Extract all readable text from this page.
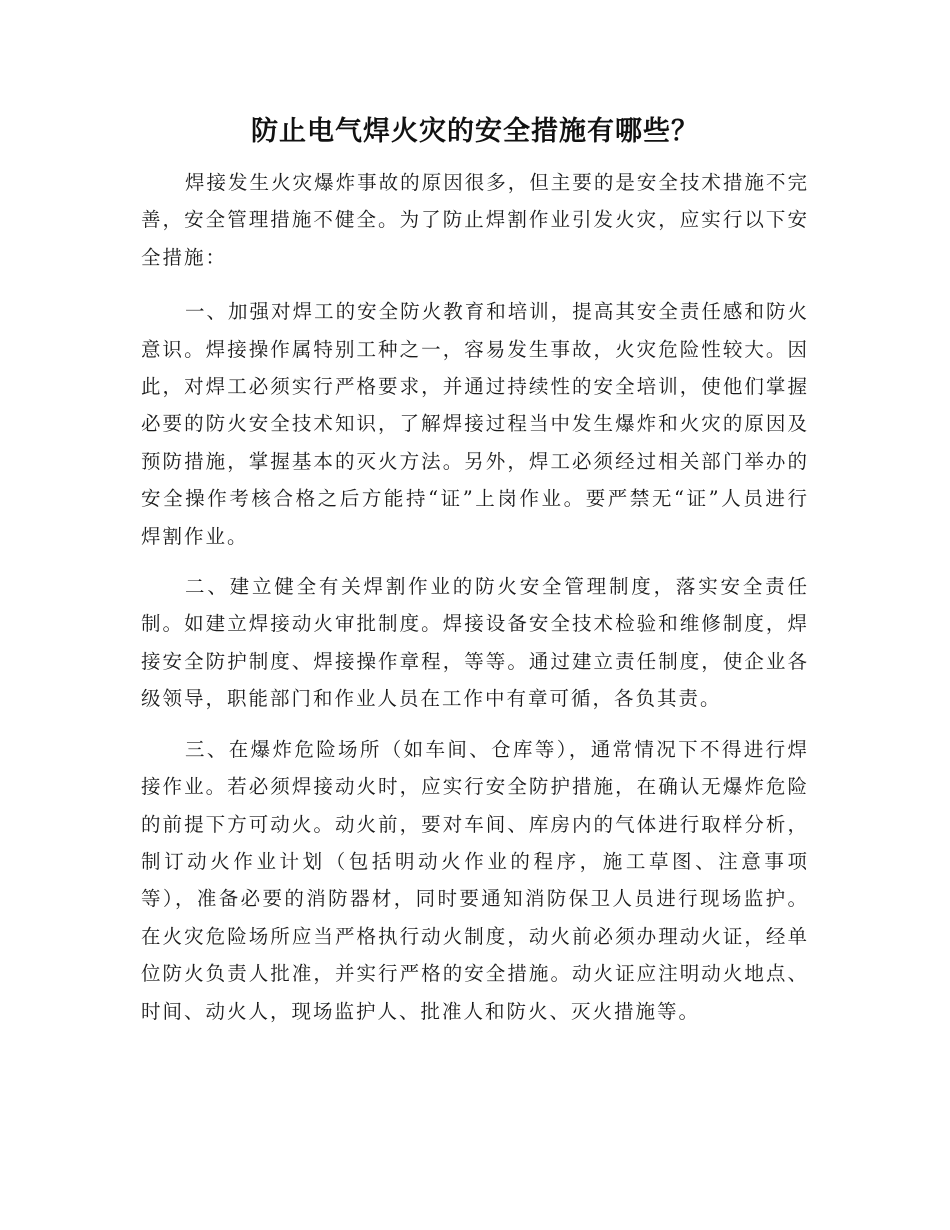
防止电气焊火灾的安全措施有哪些？

焊接发生火灾爆炸事故的原因很多，但主要的是安全技术措施不完善，安全管理措施不健全。为了防止焊割作业引发火灾，应实行以下安全措施：

一、加强对焊工的安全防火教育和培训，提高其安全责任感和防火意识。焊接操作属特别工种之一，容易发生事故，火灾危险性较大。因此，对焊工必须实行严格要求，并通过持续性的安全培训，使他们掌握必要的防火安全技术知识，了解焊接过程当中发生爆炸和火灾的原因及预防措施，掌握基本的灭火方法。另外，焊工必须经过相关部门举办的安全操作考核合格之后方能持“证”上岗作业。要严禁无“证”人员进行焊割作业。

二、建立健全有关焊割作业的防火安全管理制度，落实安全责任制。如建立焊接动火审批制度。焊接设备安全技术检验和维修制度，焊接安全防护制度、焊接操作章程，等等。通过建立责任制度，使企业各级领导，职能部门和作业人员在工作中有章可循，各负其责。

三、在爆炸危险场所（如车间、仓库等），通常情况下不得进行焊接作业。若必须焊接动火时，应实行安全防护措施，在确认无爆炸危险的前提下方可动火。动火前，要对车间、库房内的气体进行取样分析，制订动火作业计划（包括明动火作业的程序，施工草图、注意事项等），准备必要的消防器材，同时要通知消防保卫人员进行现场监护。在火灾危险场所应当严格执行动火制度，动火前必须办理动火证，经单位防火负责人批准，并实行严格的安全措施。动火证应注明动火地点、时间、动火人，现场监护人、批准人和防火、灭火措施等。
